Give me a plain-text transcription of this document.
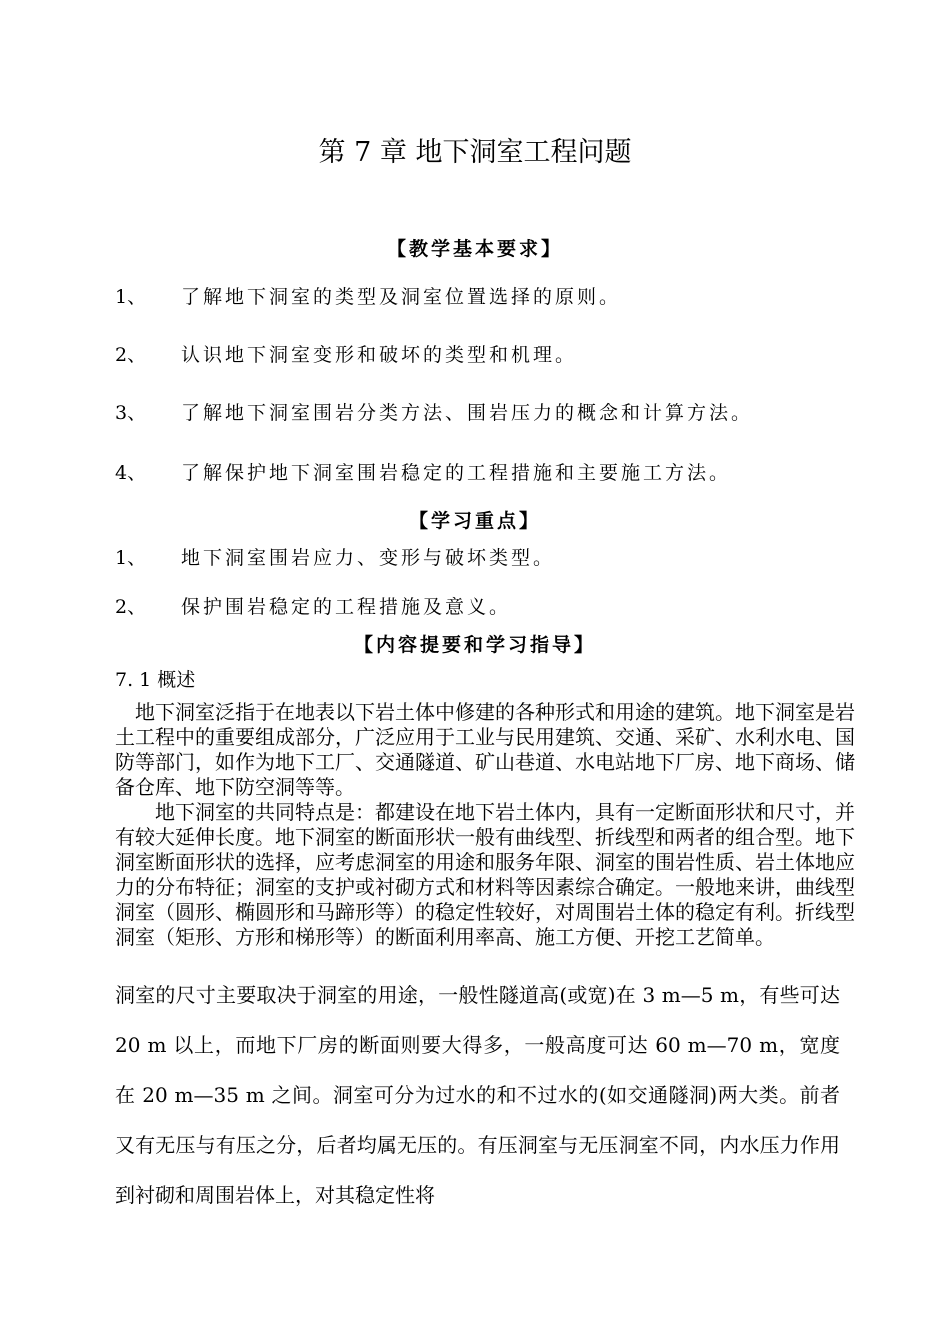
第 7 章 地下洞室工程问题
【教学基本要求】
1、 了解地下洞室的类型及洞室位置选择的原则。
2、 认识地下洞室变形和破坏的类型和机理。
3、 了解地下洞室围岩分类方法、围岩压力的概念和计算方法。
4、 了解保护地下洞室围岩稳定的工程措施和主要施工方法。
【学习重点】
1、 地下洞室围岩应力、变形与破坏类型。
2、 保护围岩稳定的工程措施及意义。
【内容提要和学习指导】
7. 1 概述

　地下洞室泛指于在地表以下岩土体中修建的各种形式和用途的建筑。地下洞室是岩土工程中的重要组成部分，广泛应用于工业与民用建筑、交通、采矿、水利水电、国防等部门，如作为地下工厂、交通隧道、矿山巷道、水电站地下厂房、地下商场、储备仓库、地下防空洞等等。

　　地下洞室的共同特点是：都建设在地下岩土体内，具有一定断面形状和尺寸，并有较大延伸长度。地下洞室的断面形状一般有曲线型、折线型和两者的组合型。地下洞室断面形状的选择，应考虑洞室的用途和服务年限、洞室的围岩性质、岩土体地应力的分布特征；洞室的支护或衬砌方式和材料等因素综合确定。一般地来讲，曲线型洞室（圆形、椭圆形和马蹄形等）的稳定性较好，对周围岩土体的稳定有利。折线型洞室（矩形、方形和梯形等）的断面利用率高、施工方便、开挖工艺简单。

洞室的尺寸主要取决于洞室的用途，一般性隧道高(或宽)在 3 m—5 m，有些可达 20 m 以上，而地下厂房的断面则要大得多，一般高度可达 60 m—70 m，宽度在 20 m—35 m 之间。洞室可分为过水的和不过水的(如交通隧洞)两大类。前者又有无压与有压之分，后者均属无压的。有压洞室与无压洞室不同，内水压力作用到衬砌和周围岩体上，对其稳定性将
